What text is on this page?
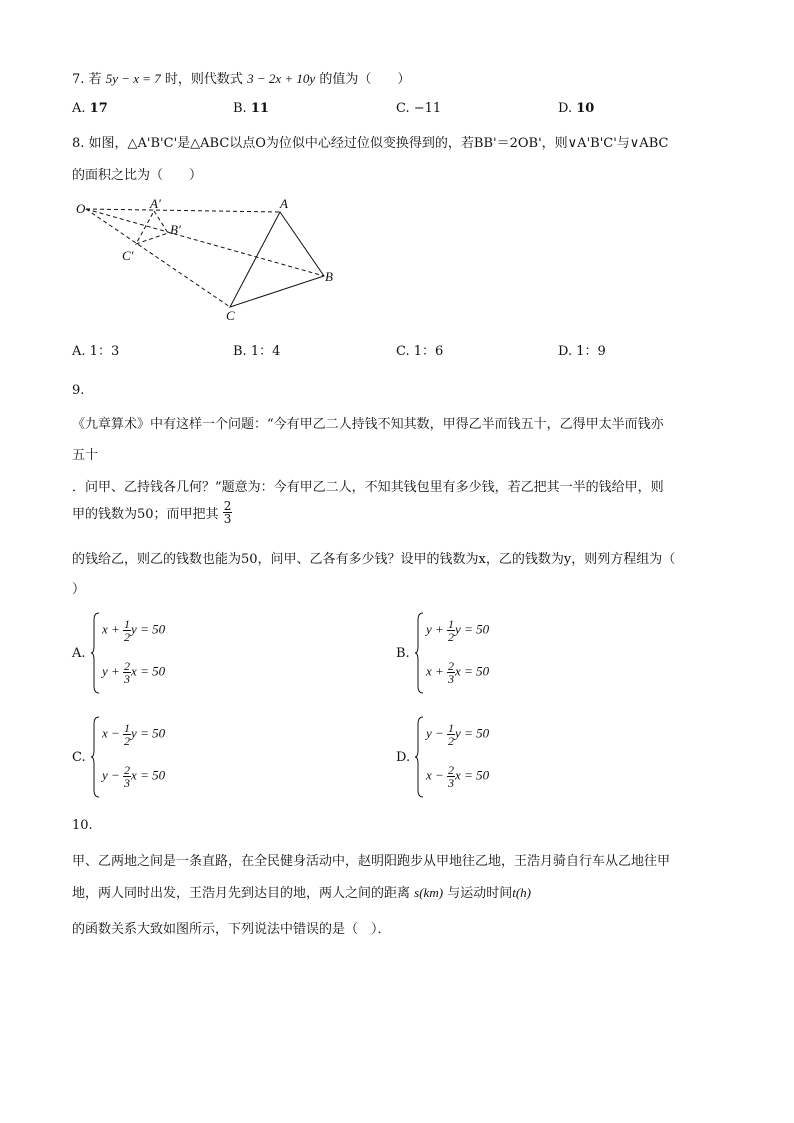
7. 若 5y − x = 7 时，则代数式 3 − 2x + 10y 的值为（　　）
A. 17	B. 11	C. −11	D. 10
8. 如图，△A'B'C'是△ABC以点O为位似中心经过位似变换得到的，若BB'＝2OB'，则∨A'B'C'与∨ABC
的面积之比为（　　）
O	A′
B′
C′
A
B
C
A. 1：3	B. 1：4	C. 1：6	D. 1：9
9.
《九章算术》中有这样一个问题：“今有甲乙二人持钱不知其数，甲得乙半而钱五十，乙得甲太半而钱亦
五十
．问甲、乙持钱各几何？”题意为：今有甲乙二人，不知其钱包里有多少钱，若乙把其一半的钱给甲，则
甲的钱数为50；而甲把其 $\frac{2}{3}$
的钱给乙，则乙的钱数也能为50，问甲、乙各有多少钱？设甲的钱数为x，乙的钱数为y，则列方程组为（
）
A.
$x + \frac{1}{2}$ y = 50
$y + \frac{2}{3}$ x = 50
B.
$y + \frac{1}{2}$ y = 50
$x + \frac{2}{3}$ x = 50
C.
$x - \frac{1}{2}$ y = 50
$y - \frac{2}{3}$ x = 50
D.
$y - \frac{1}{2}$ y = 50
$x - \frac{2}{3}$ x = 50
10.
甲、乙两地之间是一条直路，在全民健身活动中，赵明阳跑步从甲地往乙地，王浩月骑自行车从乙地往甲
地，两人同时出发，王浩月先到达目的地，两人之间的距离 s(km) 与运动时间t(h)
的函数关系大致如图所示，下列说法中错误的是（　）．
